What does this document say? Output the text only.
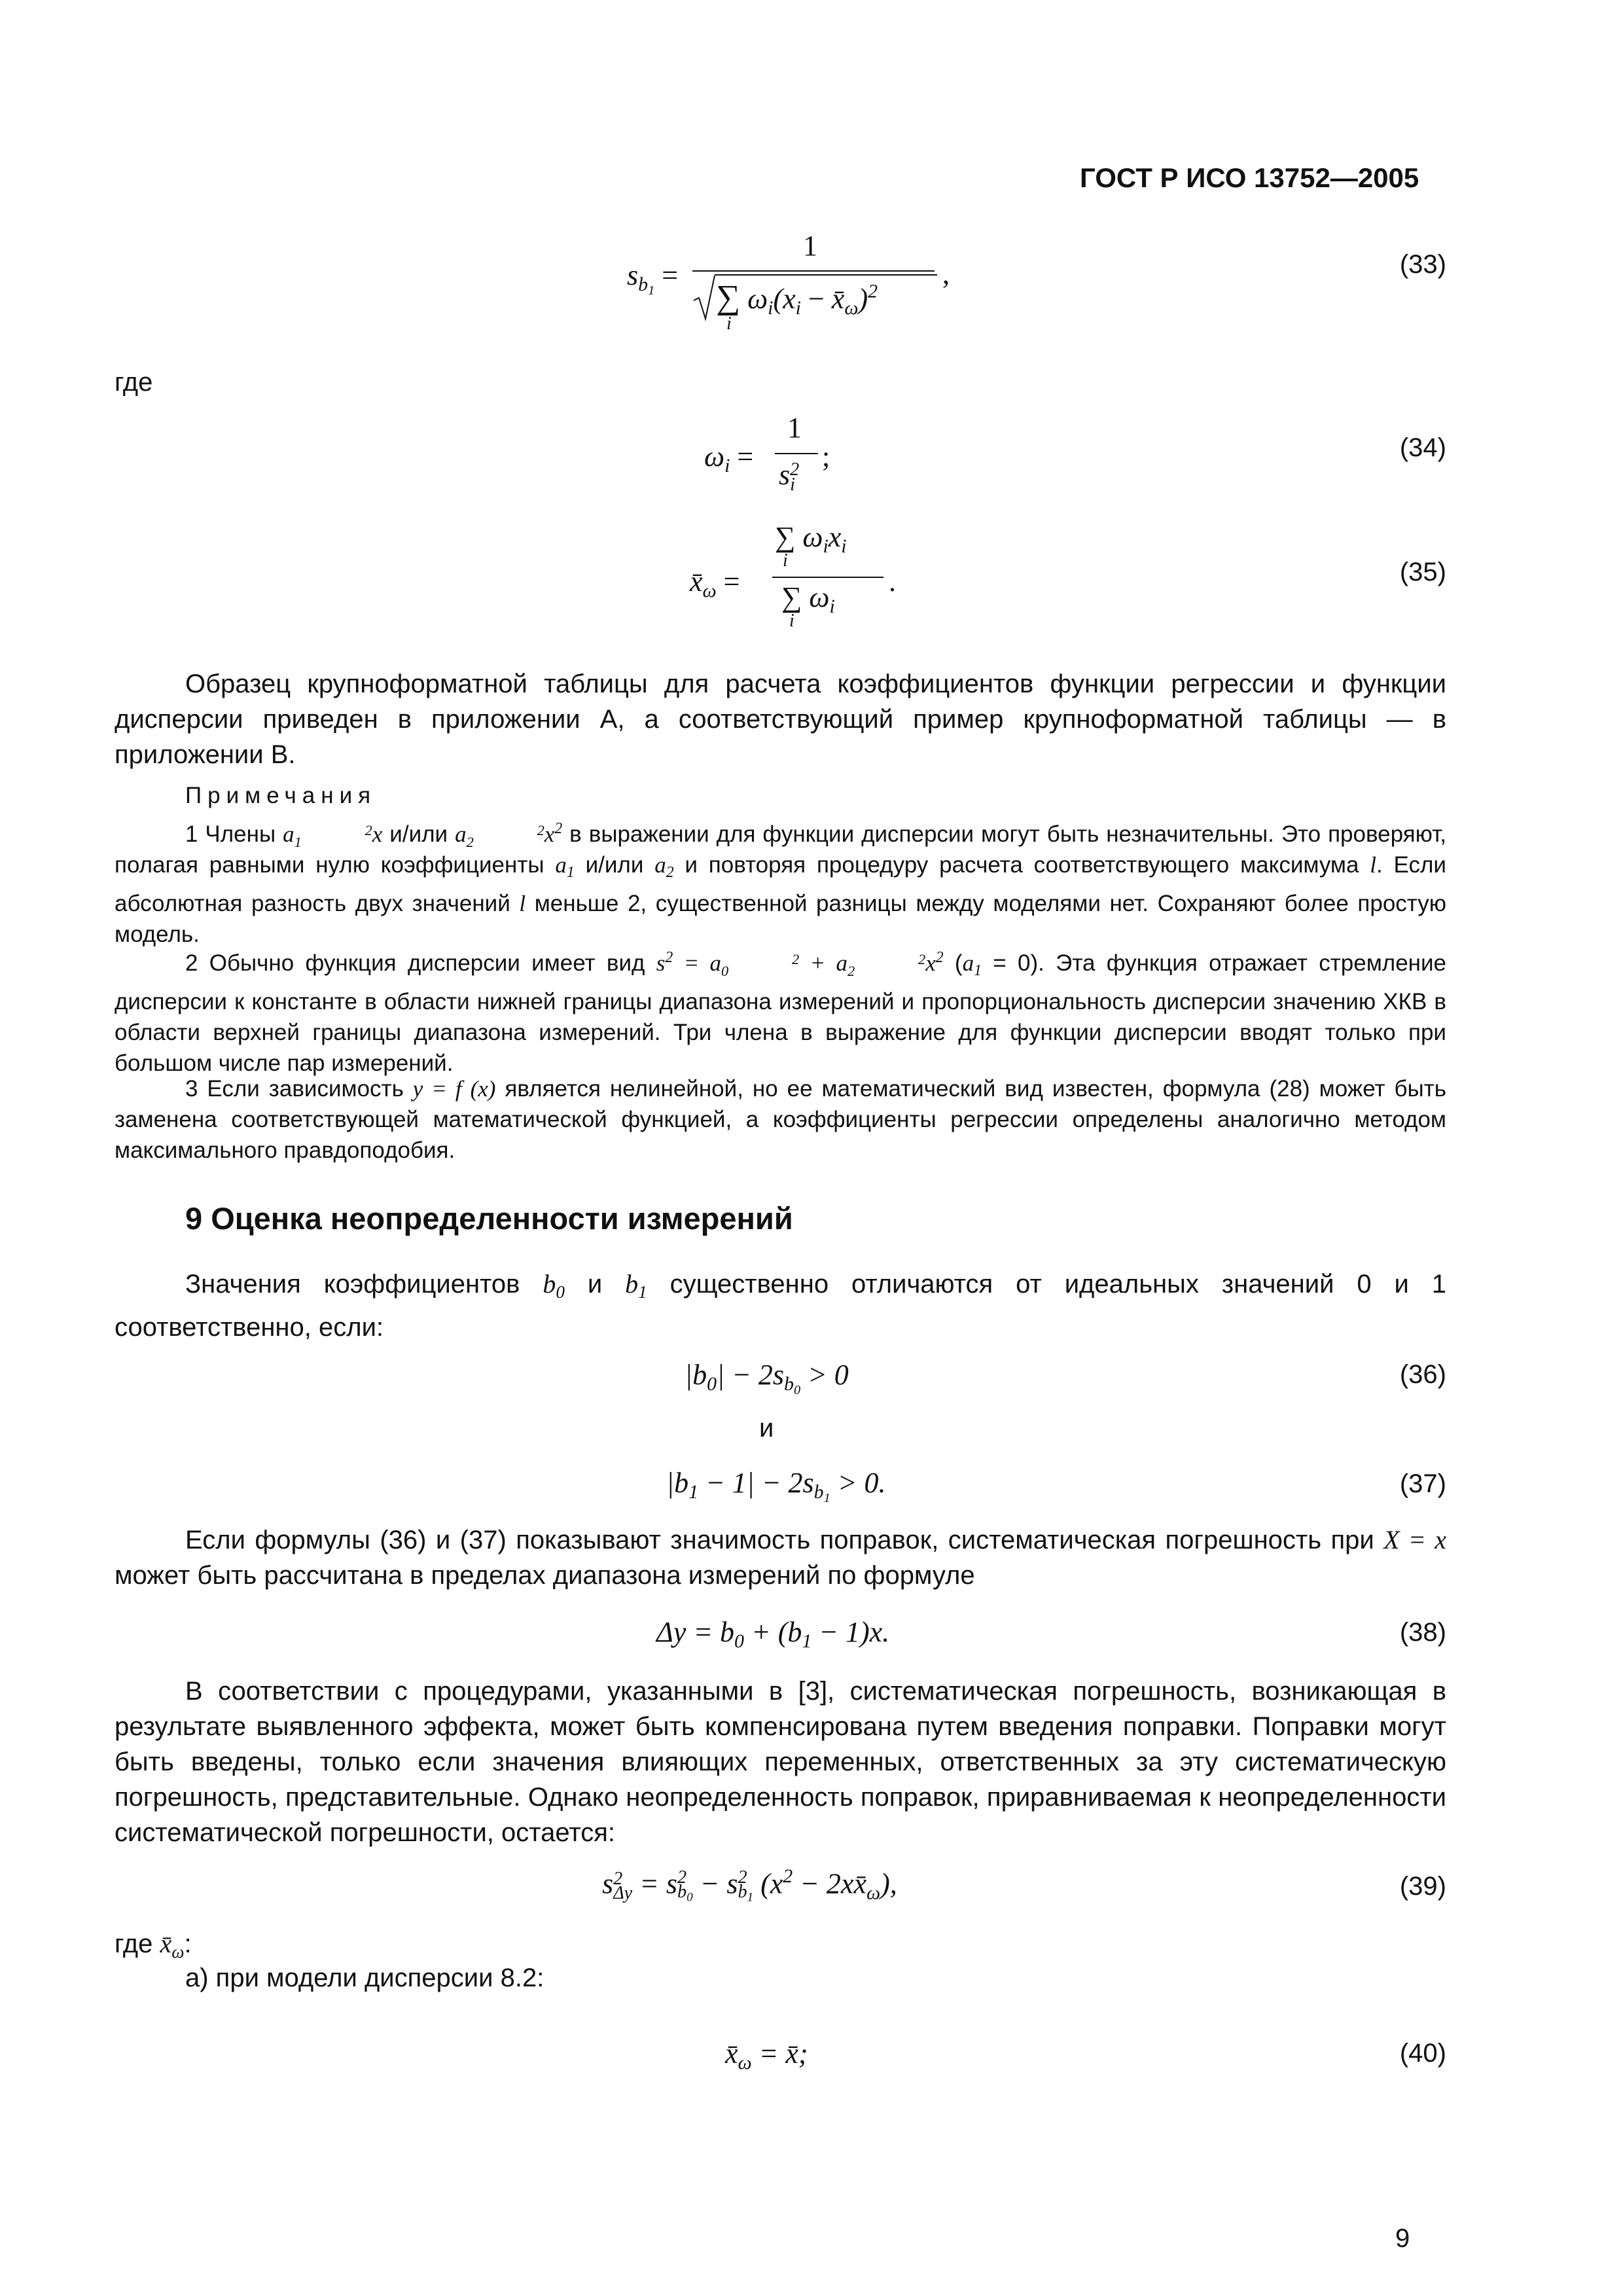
ГОСТ Р ИСО 13752—2005
$s_{b_1}$ =
1
∑ $\omega_i(x_i$ − $x̄_\omega)^2$
i
,	(33)
где
$\omega_i$ =
1
s2
i
;	(34)
$x̄_\omega$ =
∑ $\omega_ix_i$
i
∑ $\omega_i$
i
.	(35)
Образец крупноформатной таблицы для расчета коэффициентов функции регрессии и функции дисперсии приведен в приложении А, а соответствующий пример крупноформатной таблицы — в приложении В.
Примечания
1 Члены a	2
1	x и/или a	2
2	$x^2$ в выражении для функции дисперсии могут быть незначительны. Это проверяют, полагая равными нулю коэффициенты $a_1$ и/или $a_2$ и повторяя процедуру расчета соответствующего максимума l. Если абсолютная разность двух значений l меньше 2, существенной разницы между моделями нет. Сохраняют более простую модель.
2 Обычно функция дисперсии имеет вид $s^2 = a$	2
0	+ a	2
2	$x^2$ $(a_1 = 0)$. Эта функция отражает стремление дисперсии к константе в области нижней границы диапазона измерений и пропорциональность дисперсии значению ХКВ в области верхней границы диапазона измерений. Три члена в выражение для функции дисперсии вводят только при большом числе пар измерений.
3 Если зависимость y = f (x) является нелинейной, но ее математический вид известен, формула (28) может быть заменена соответствующей математической функцией, а коэффициенты регрессии определены аналогично методом максимального правдоподобия.
9 Оценка неопределенности измерений
Значения коэффициентов $b_0$ и $b_1$ существенно отличаются от идеальных значений 0 и 1 соответственно, если:
$|b_0| - 2s_{b_0} > 0$	(36)
и
$|b_1 - 1| - 2s_{b_1} > 0$.	(37)
Если формулы (36) и (37) показывают значимость поправок, систематическая погрешность при X = x может быть рассчитана в пределах диапазона измерений по формуле
$\Delta y = b_0 + (b_1 - 1)x$.	(38)
В соответствии с процедурами, указанными в [3], систематическая погрешность, возникающая в результате выявленного эффекта, может быть компенсирована путем введения поправки. Поправки могут быть введены, только если значения влияющих переменных, ответственных за эту систематическую погрешность, представительные. Однако неопределенность поправок, приравниваемая к неопределенности систематической погрешности, остается:
s2
Δy = s2
$b_0 - s2$
$b_1$ ($x^2$ − $2xx̄_\omega$),	(39)
где $x̄_\omega$:
а) при модели дисперсии 8.2:
$x̄_\omega$ = x̄;	(40)
9
